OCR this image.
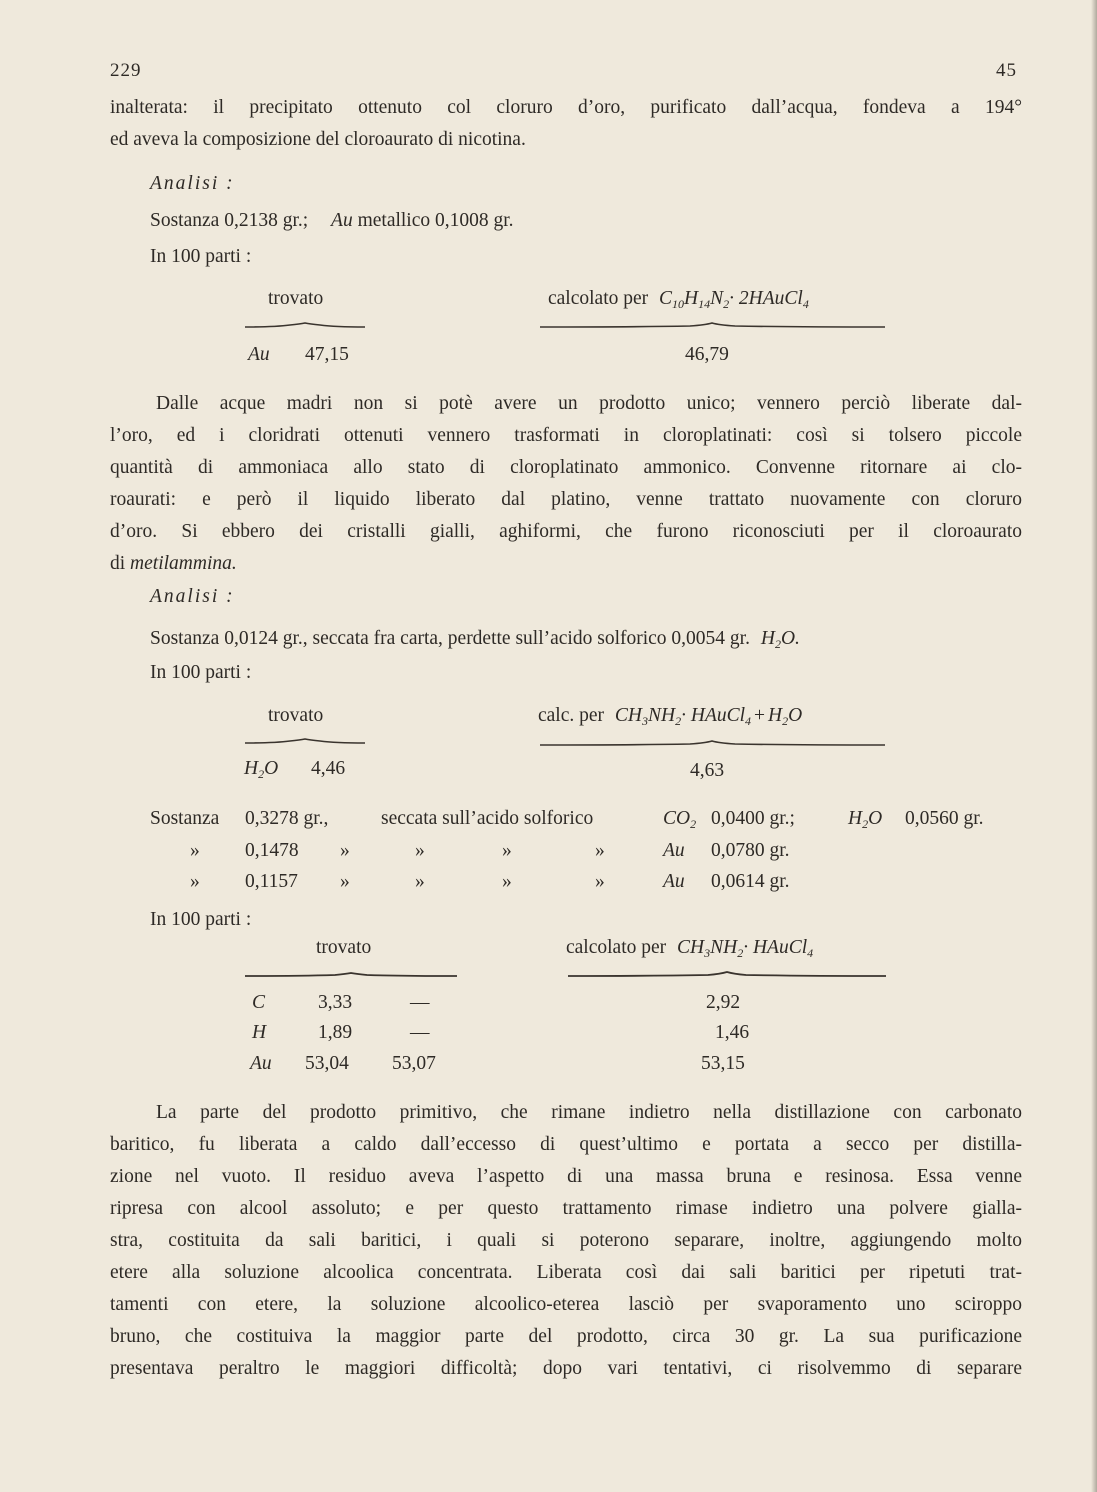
229	45
inalterata: il precipitato ottenuto col cloruro d’oro, purificato dall’acqua, fondeva a 194°
ed aveva la composizione del cloroaurato di nicotina.
Analisi :
Sostanza 0,2138 gr.; Au metallico 0,1008 gr.
In 100 parti :
trovato	calcolato per $C_{10}H_{14}N_2\cdot$ 2HAuCl$_4$
Au 47,15	46,79
Dalle acque madri non si potè avere un prodotto unico; vennero perciò liberate dal-
l’oro, ed i cloridrati ottenuti vennero trasformati in cloroplatinati: così si tolsero piccole
quantità di ammoniaca allo stato di cloroplatinato ammonico. Convenne ritornare ai clo-
roaurati: e però il liquido liberato dal platino, venne trattato nuovamente con cloruro
d’oro. Si ebbero dei cristalli gialli, aghiformi, che furono riconosciuti per il cloroaurato
di metilammina.
Analisi :
Sostanza 0,0124 gr., seccata fra carta, perdette sull’acido solforico 0,0054 gr. $H_2O$.
In 100 parti :
trovato	calc. per $CH_3NH_2\cdot$ HAuCl$_4$ + $H_2O$
$H_2O$ 4,46	4,63
Sostanza 0,3278 gr.,	seccata sull’acido solforico	$CO_2$ 0,0400 gr.;	$H_2O$ 0,0560 gr.
» 0,1478 »	»	»	»	Au 0,0780 gr.
» 0,1157 »	»	»	»	Au 0,0614 gr.
In 100 parti :
trovato	calcolato per $CH_3NH_2\cdot$ HAuCl$_4$
C	3,33	—	2,92
H	1,89	—	1,46
Au 53,04 53,07	53,15
La parte del prodotto primitivo, che rimane indietro nella distillazione con carbonato
baritico, fu liberata a caldo dall’eccesso di quest’ultimo e portata a secco per distilla-
zione nel vuoto. Il residuo aveva l’aspetto di una massa bruna e resinosa. Essa venne
ripresa con alcool assoluto; e per questo trattamento rimase indietro una polvere gialla-
stra, costituita da sali baritici, i quali si poterono separare, inoltre, aggiungendo molto
etere alla soluzione alcoolica concentrata. Liberata così dai sali baritici per ripetuti trat-
tamenti con etere, la soluzione alcoolico-eterea lasciò per svaporamento uno sciroppo
bruno, che costituiva la maggior parte del prodotto, circa 30 gr. La sua purificazione
presentava peraltro le maggiori difficoltà; dopo vari tentativi, ci risolvemmo di separare
